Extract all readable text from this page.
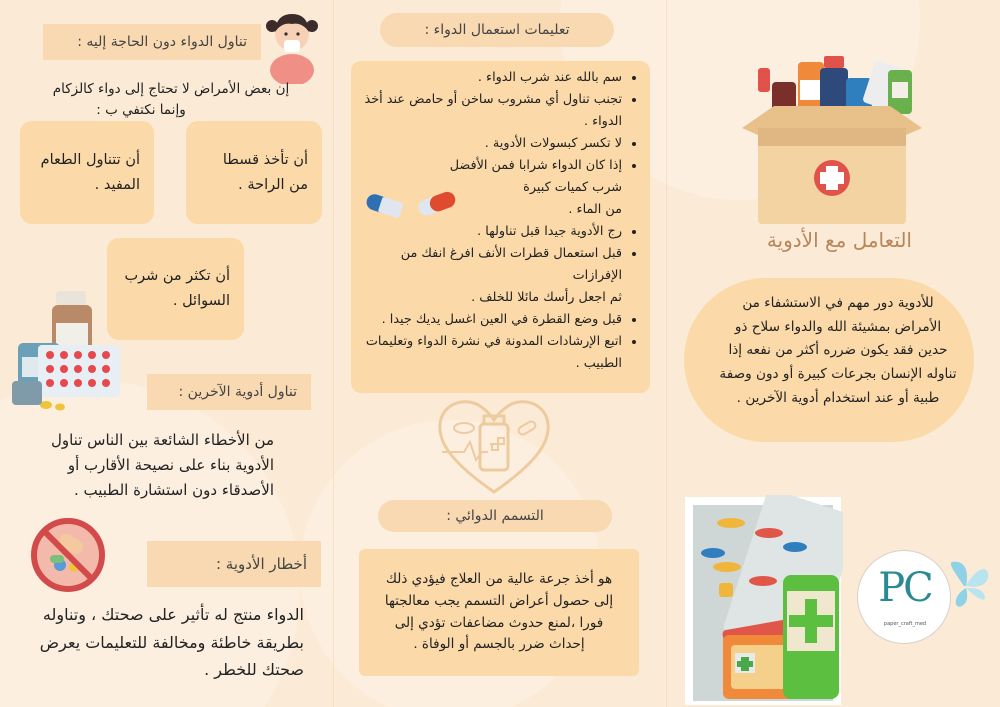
تناول الدواء دون الحاجة إليه :
إن بعض الأمراض لا تحتاج إلى دواء كالزكام
وإنما نكتفي ب :
أن تأخذ قسطا من الراحة .
أن تتناول الطعام المفيد .
أن تكثر من شرب السوائل .
تناول أدوية الآخرين :
من الأخطاء الشائعة بين الناس تناول الأدوية بناء على نصيحة الأقارب أو الأصدقاء دون استشارة الطبيب .
أخطار الأدوية :
الدواء منتج له تأثير على صحتك ، وتناوله بطريقة خاطئة ومخالفة للتعليمات يعرض صحتك للخطر .
تعليمات استعمال الدواء :
• سم بالله عند شرب الدواء .
• تجنب تناول أي مشروب ساخن أو حامض عند أخذ الدواء .
• لا تكسر كبسولات الأدوية .
• إذا كان الدواء شرابا فمن الأفضل شرب كميات كبيرة
من الماء .
• رج الأدوية جيدا قبل تناولها .
• قبل استعمال قطرات الأنف افرغ انفك من الإفرازات
ثم اجعل رأسك مائلا للخلف .
• قبل وضع القطرة في العين اغسل يديك جيدا .
• اتبع الإرشادات المدونة في نشرة الدواء وتعليمات الطبيب .
التسمم الدوائي :
هو أخذ جرعة عالية من العلاج فيؤدي ذلك إلى حصول أعراض التسمم يجب معالجتها فورا ،لمنع حدوث مضاعفات تؤدي إلى إحداث ضرر بالجسم أو الوفاة .
التعامل مع الأدوية
للأدوية دور مهم في الاستشفاء من الأمراض بمشيئة الله والدواء سلاح ذو حدين فقد يكون ضرره أكثر من نفعه إذا تناوله الإنسان بجرعات كبيرة أو دون وصفة طبية أو عند استخدام أدوية الآخرين .
PC
paper_craft_med
